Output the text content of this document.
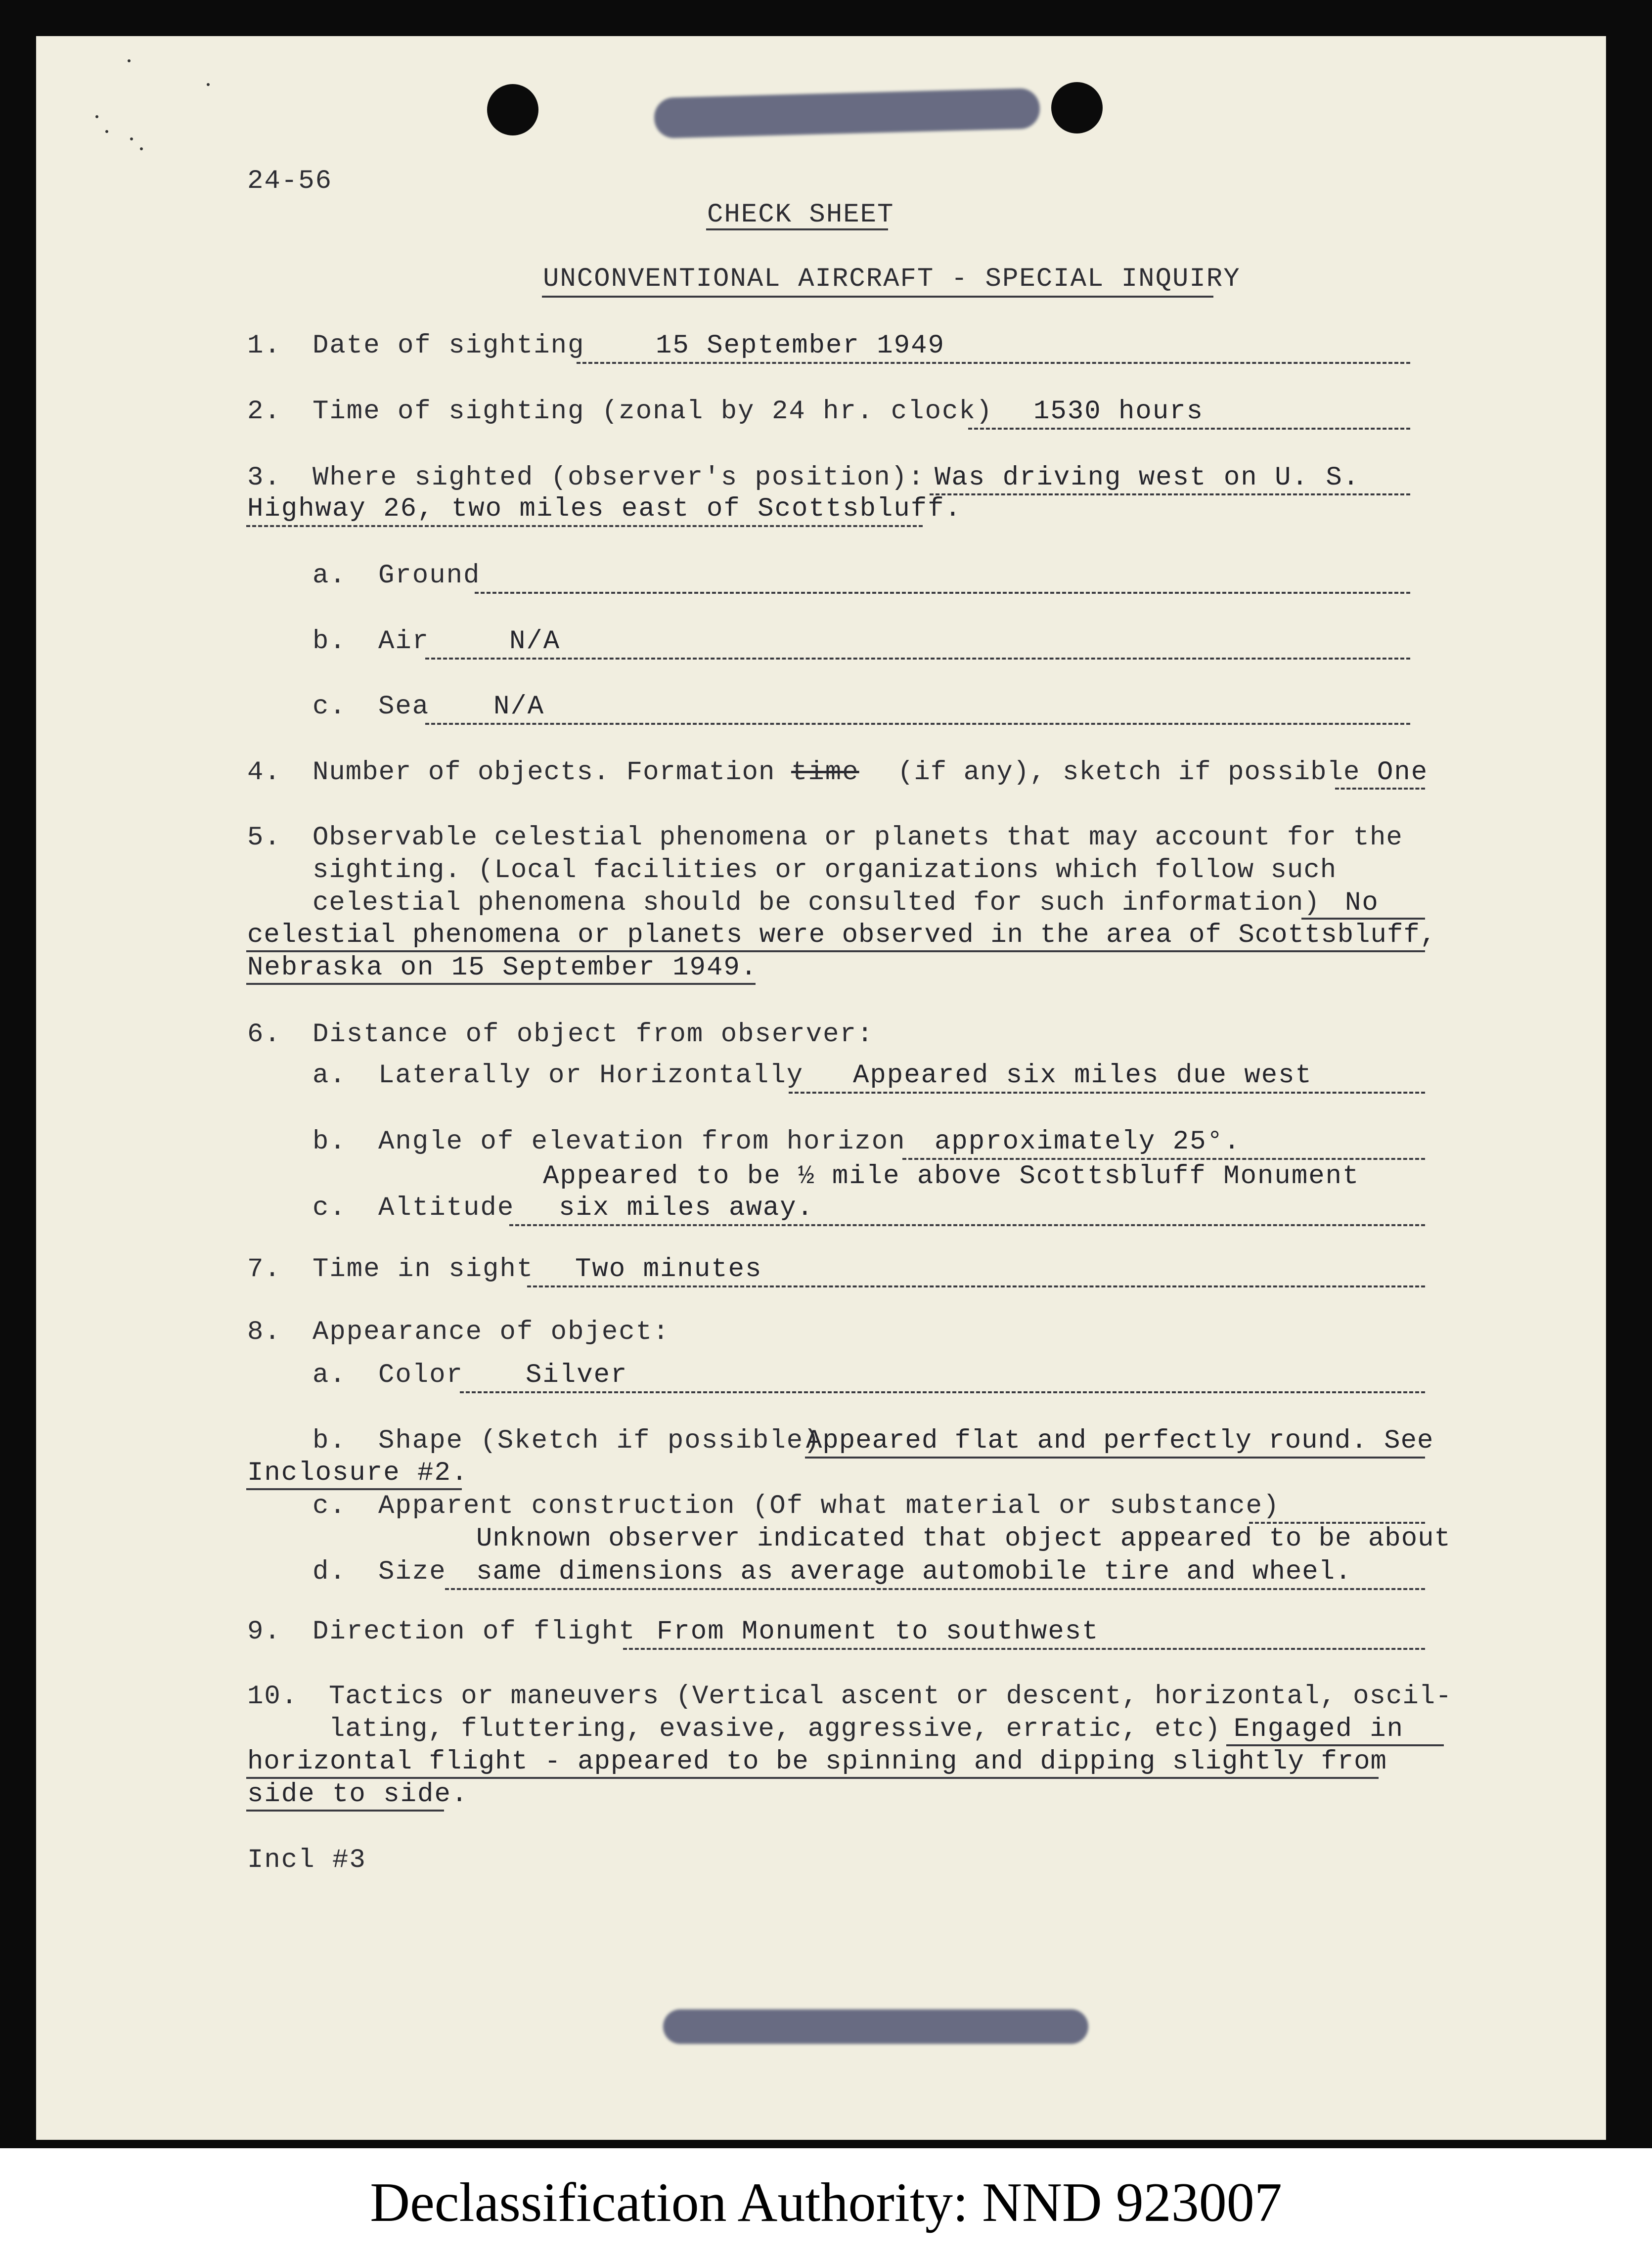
24-56
CHECK SHEET
UNCONVENTIONAL AIRCRAFT - SPECIAL INQUIRY
1. Date of sighting	15 September 1949
2. Time of sighting (zonal by 24 hr. clock) 1530 hours
3. Where sighted (observer's position): Was driving west on U. S.
Highway 26, two miles east of Scottsbluff.
a. Ground
b. Air	N/A
c. Sea N/A
4. Number of objects. Formation time (if any), sketch if possible One
5. Observable celestial phenomena or planets that may account for the
sighting. (Local facilities or organizations which follow such
celestial phenomena should be consulted for such information) No
celestial phenomena or planets were observed in the area of Scottsbluff,
Nebraska on 15 September 1949.
6. Distance of object from observer:
a. Laterally or Horizontally Appeared six miles due west
b. Angle of elevation from horizon approximately 25°.
Appeared to be ½ mile above Scottsbluff Monument
c. Altitude six miles away.
7. Time in sight Two minutes
8. Appearance of object:
a. Color Silver
b. Shape (Sketch if possible)
Appeared flat and perfectly round. See
Inclosure #2.
c. Apparent construction (Of what material or substance)
Unknown observer indicated that object appeared to be about
d. Size same dimensions as average automobile tire and wheel.
9. Direction of flight From Monument to southwest
10. Tactics or maneuvers (Vertical ascent or descent, horizontal, oscil-
lating, fluttering, evasive, aggressive, erratic, etc) Engaged in
horizontal flight - appeared to be spinning and dipping slightly from
side to side.
Incl #3
Declassification Authority: NND 923007
